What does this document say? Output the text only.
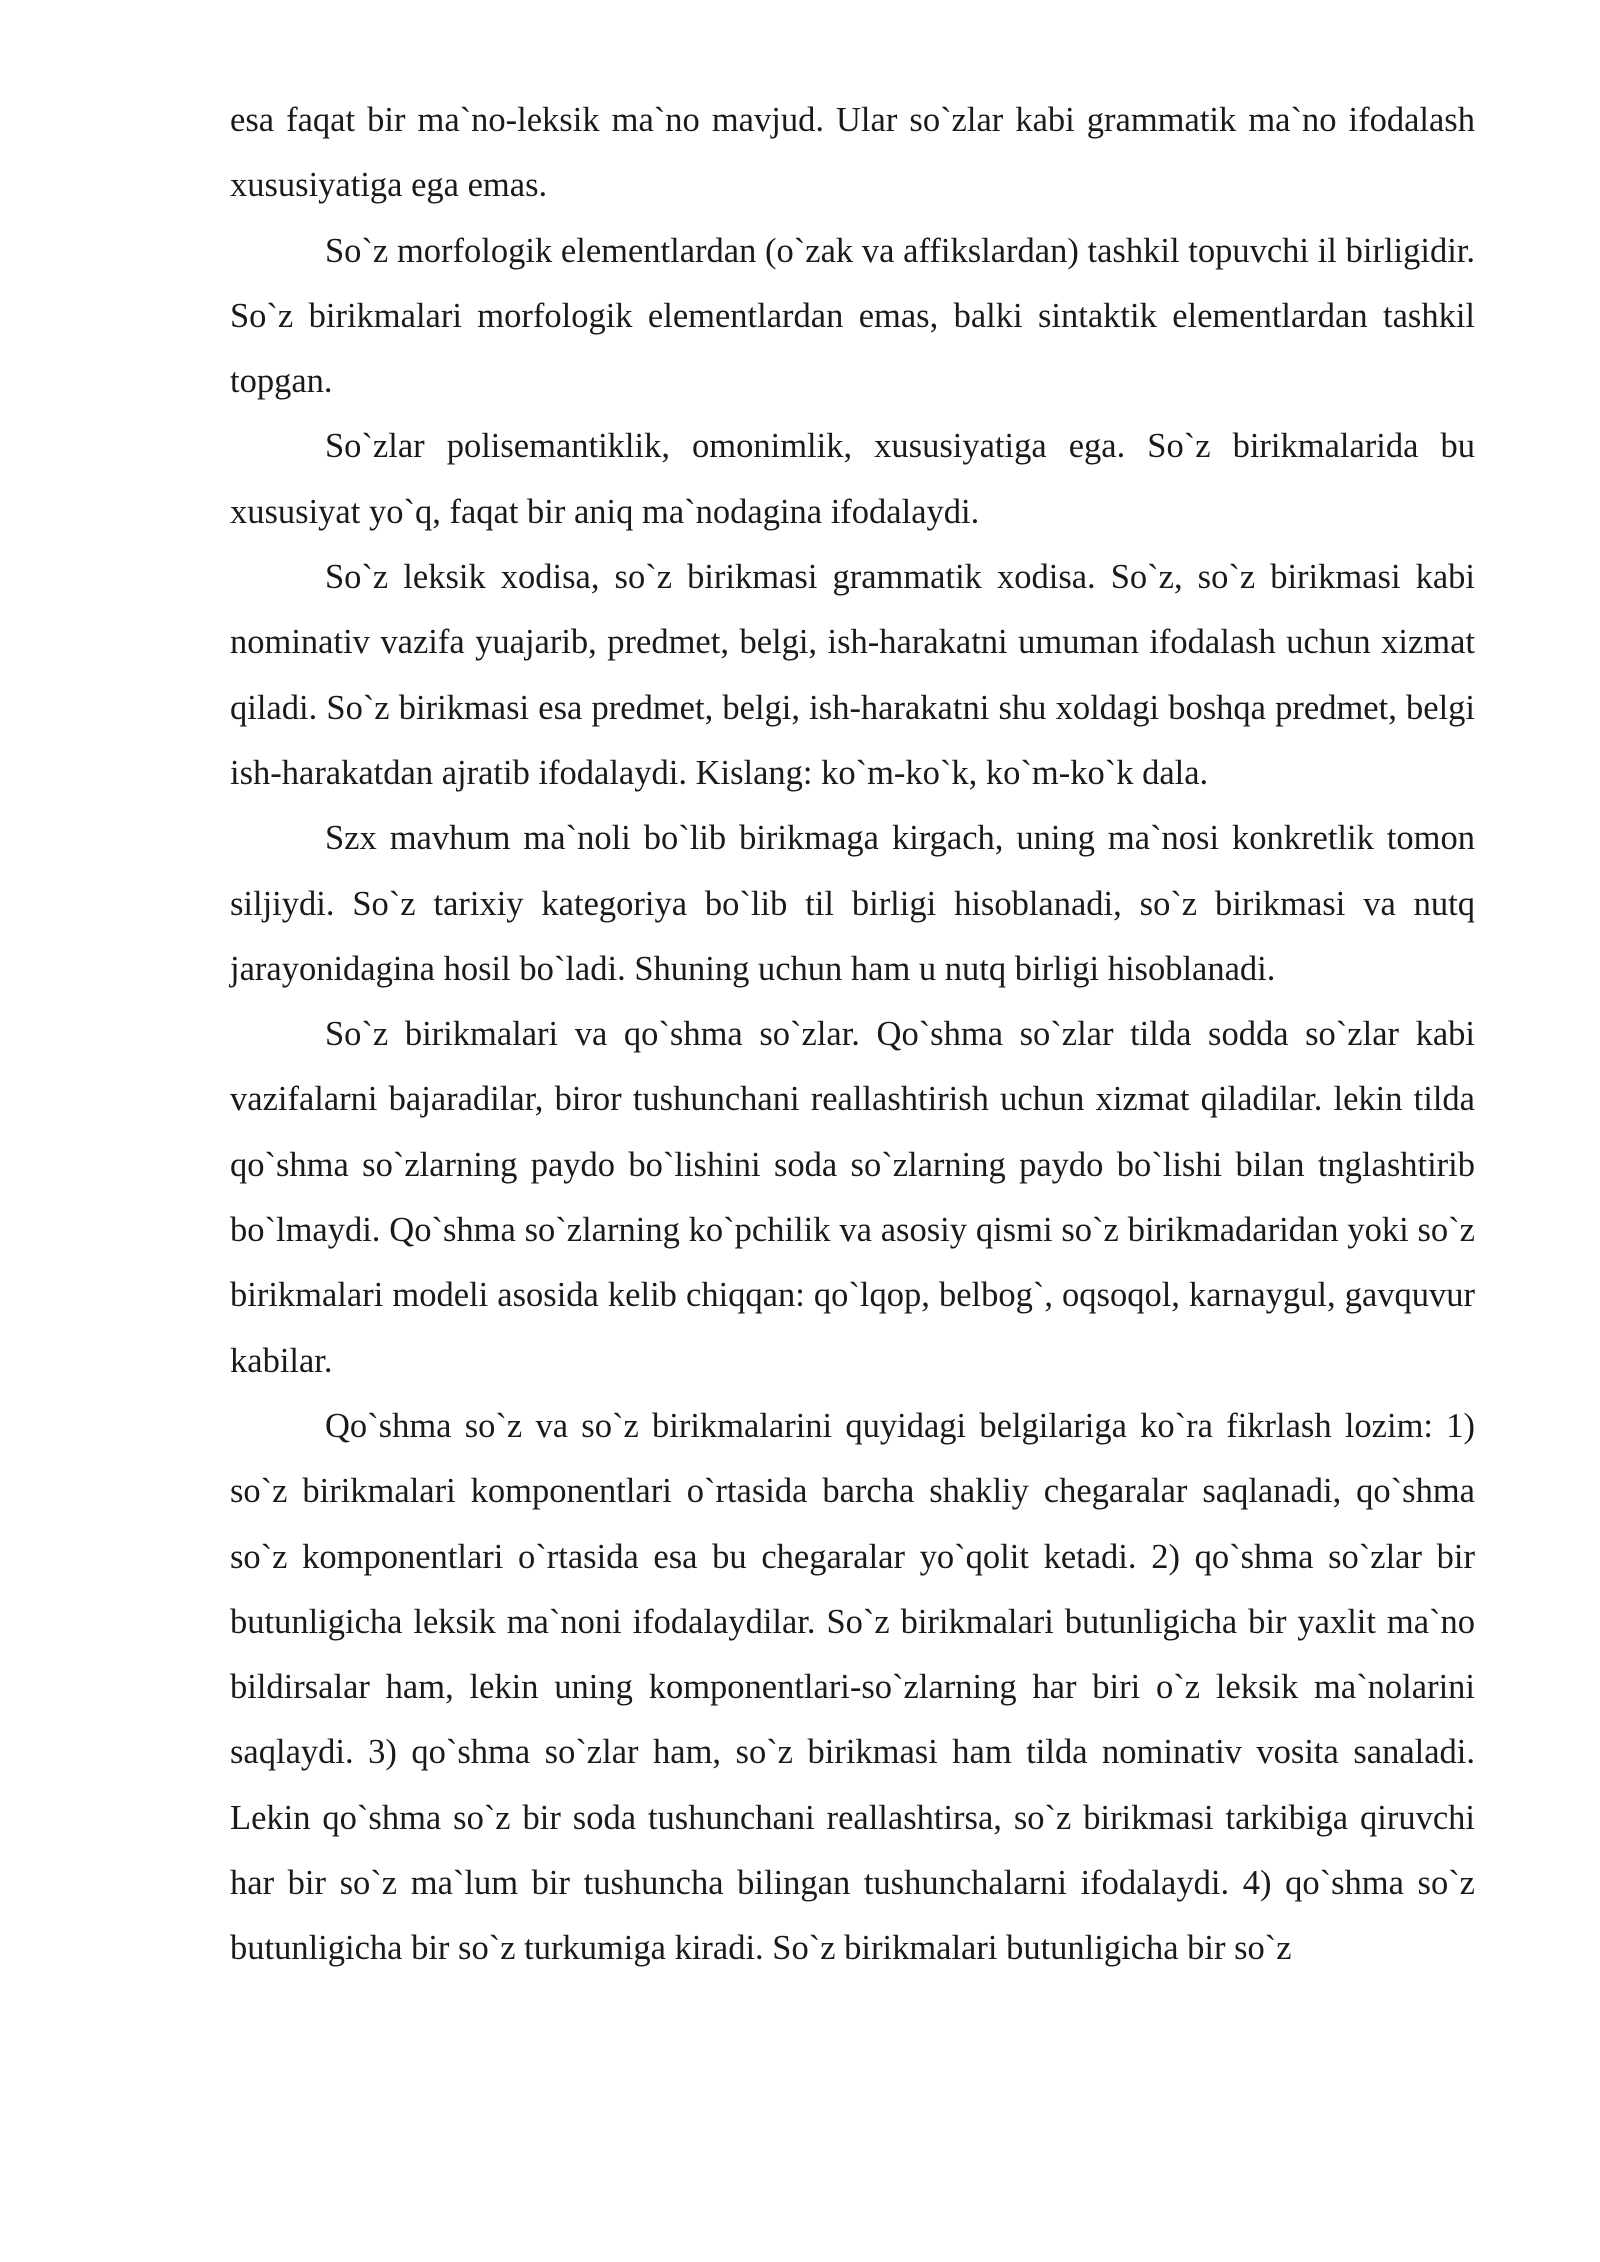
esa faqat bir ma`no-leksik ma`no mavjud. Ular so`zlar kabi grammatik ma`no ifodalash xususiyatiga ega emas.

So`z morfologik elementlardan (o`zak va affikslardan) tashkil topuvchi il birligidir. So`z birikmalari morfologik elementlardan emas, balki sintaktik elementlardan tashkil topgan.

So`zlar polisemantiklik, omonimlik, xususiyatiga ega. So`z birikmalarida bu xususiyat yo`q, faqat bir aniq ma`nodagina ifodalaydi.

So`z leksik xodisa, so`z birikmasi grammatik xodisa. So`z, so`z birikmasi kabi nominativ vazifa yuajarib, predmet, belgi, ish-harakatni umuman ifodalash uchun xizmat qiladi. So`z birikmasi esa predmet, belgi, ish-harakatni shu xoldagi boshqa predmet, belgi ish-harakatdan ajratib ifodalaydi. Kislang: ko`m-ko`k, ko`m-ko`k dala.

Szx mavhum ma`noli bo`lib birikmaga kirgach, uning ma`nosi konkretlik tomon siljiydi. So`z tarixiy kategoriya bo`lib til birligi hisoblanadi, so`z birikmasi va nutq jarayonidagina hosil bo`ladi. Shuning uchun ham u nutq birligi hisoblanadi.

So`z birikmalari va qo`shma so`zlar. Qo`shma so`zlar tilda sodda so`zlar kabi vazifalarni bajaradilar, biror tushunchani reallashtirish uchun xizmat qiladilar. lekin tilda qo`shma so`zlarning paydo bo`lishini soda so`zlarning paydo bo`lishi bilan tnglashtirib bo`lmaydi. Qo`shma so`zlarning ko`pchilik va asosiy qismi so`z birikmadaridan yoki so`z birikmalari modeli asosida kelib chiqqan: qo`lqop, belbog`, oqsoqol, karnaygul, gavquvur kabilar.

Qo`shma so`z va so`z birikmalarini quyidagi belgilariga ko`ra fikrlash lozim: 1) so`z birikmalari komponentlari o`rtasida barcha shakliy chegaralar saqlanadi, qo`shma so`z komponentlari o`rtasida esa bu chegaralar yo`qolit ketadi. 2) qo`shma so`zlar bir butunligicha leksik ma`noni ifodalaydilar. So`z birikmalari butunligicha bir yaxlit ma`no bildirsalar ham, lekin uning komponentlari-so`zlarning har biri o`z leksik ma`nolarini saqlaydi. 3) qo`shma so`zlar ham, so`z birikmasi ham tilda nominativ vosita sanaladi. Lekin qo`shma so`z bir soda tushunchani reallashtirsa, so`z birikmasi tarkibiga qiruvchi har bir so`z ma`lum bir tushuncha bilingan tushunchalarni ifodalaydi. 4) qo`shma so`z butunligicha bir so`z turkumiga kiradi. So`z birikmalari butunligicha bir so`z
